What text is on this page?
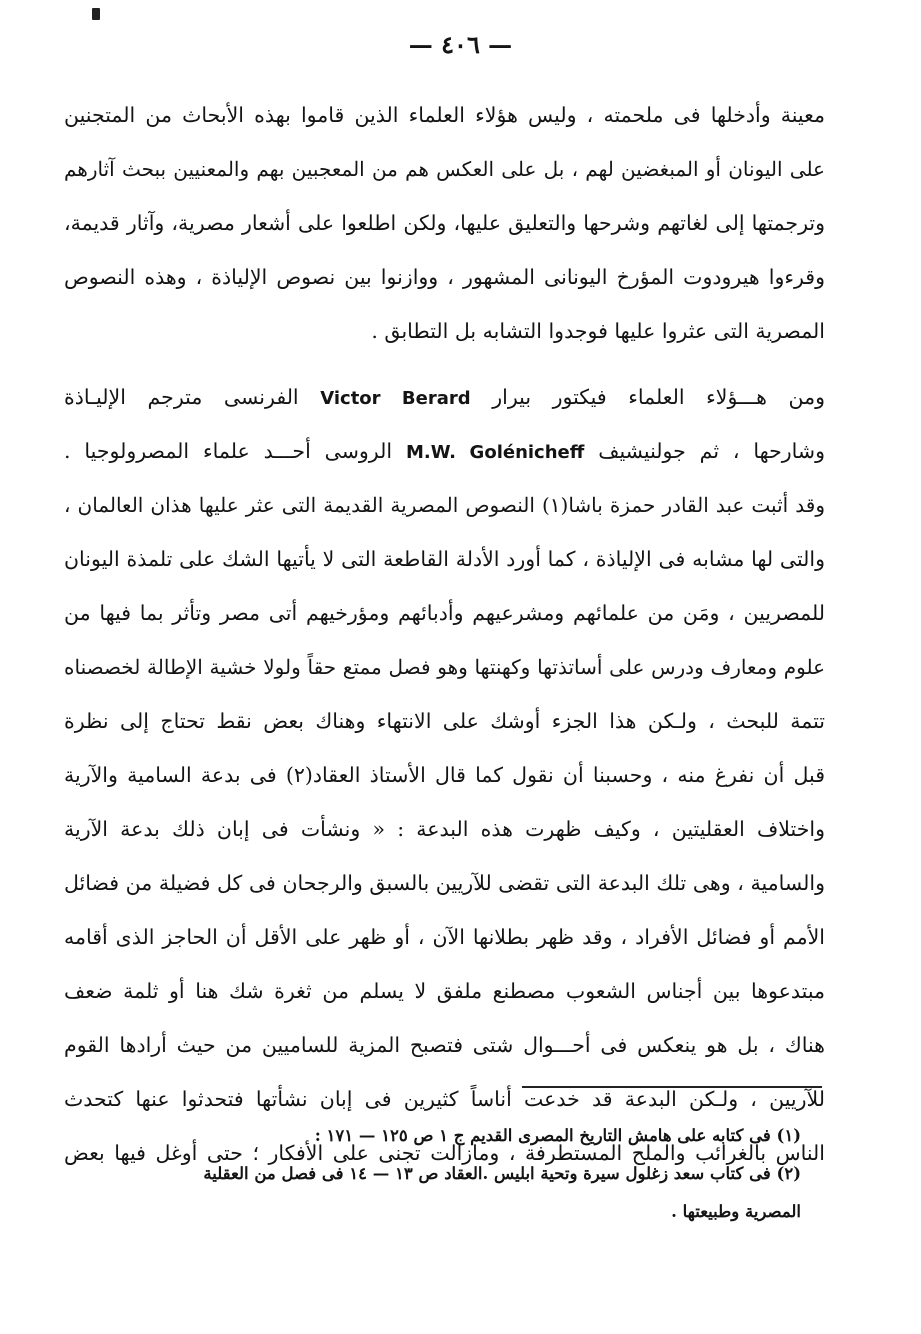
— ٤٠٦ —
معينة وأدخلها فى ملحمته ، وليس هؤلاء العلماء الذين قاموا بهذه الأبحاث من المتجنين
على اليونان أو المبغضين لهم ، بل على العكس هم من المعجبين بهم والمعنيين ببحث آثارهم
وترجمتها إلى لغاتهم وشرحها والتعليق عليها، ولكن اطلعوا على أشعار مصرية، وآثار قديمة،
وقرءوا هيرودوت المؤرخ اليونانى المشهور ، ووازنوا بين نصوص الإلياذة ، وهذه النصوص
المصرية التى عثروا عليها فوجدوا التشابه بل التطابق .
ومن هـــؤلاء العلماء فيكتور بيرار Victor Berard الفرنسى مترجم الإليـاذة
وشارحها ، ثم جولنيشيف M.W. Golénicheff الروسى أحـــد علماء المصرولوجيا .
وقد أثبت عبد القادر حمزة باشا(١) النصوص المصرية القديمة التى عثر عليها هذان العالمان ،
والتى لها مشابه فى الإلياذة ، كما أورد الأدلة القاطعة التى لا يأتيها الشك على تلمذة اليونان
للمصريين ، ومَن من علمائهم ومشرعيهم وأدبائهم ومؤرخيهم أتى مصر وتأثر بما فيها من
علوم ومعارف ودرس على أساتذتها وكهنتها وهو فصل ممتع حقاً ولولا خشية الإطالة لخصصناه
تتمة للبحث ، ولـكن هذا الجزء أوشك على الانتهاء وهناك بعض نقط تحتاج إلى نظرة
قبل أن نفرغ منه ، وحسبنا أن نقول كما قال الأستاذ العقاد(٢) فى بدعة السامية والآرية
واختلاف العقليتين ، وكيف ظهرت هذه البدعة : « ونشأت فى إبان ذلك بدعة الآرية
والسامية ، وهى تلك البدعة التى تقضى للآريين بالسبق والرجحان فى كل فضيلة من فضائل
الأمم أو فضائل الأفراد ، وقد ظهر بطلانها الآن ، أو ظهر على الأقل أن الحاجز الذى أقامه
مبتدعوها بين أجناس الشعوب مصطنع ملفق لا يسلم من ثغرة شك هنا أو ثلمة ضعف
هناك ، بل هو ينعكس فى أحـــوال شتى فتصبح المزية للساميين من حيث أرادها القوم
للآريين ، ولـكن البدعة قد خدعت أناساً كثيرين فى إبان نشأتها فتحدثوا عنها كتحدث
الناس بالغرائب والملح المستطرفة ، ومازالت تجنى على الأفكار ؛ حتى أوغل فيها بعض
(١) فى كتابه على هامش التاريخ المصرى القديم ج ١ ص ١٢٥ — ١٧١ :
(٢) فى كتاب سعد زغلول سيرة وتحية ابليس .العقاد ص ١٣ — ١٤ فى فصل من العقلية
المصرية وطبيعتها .
